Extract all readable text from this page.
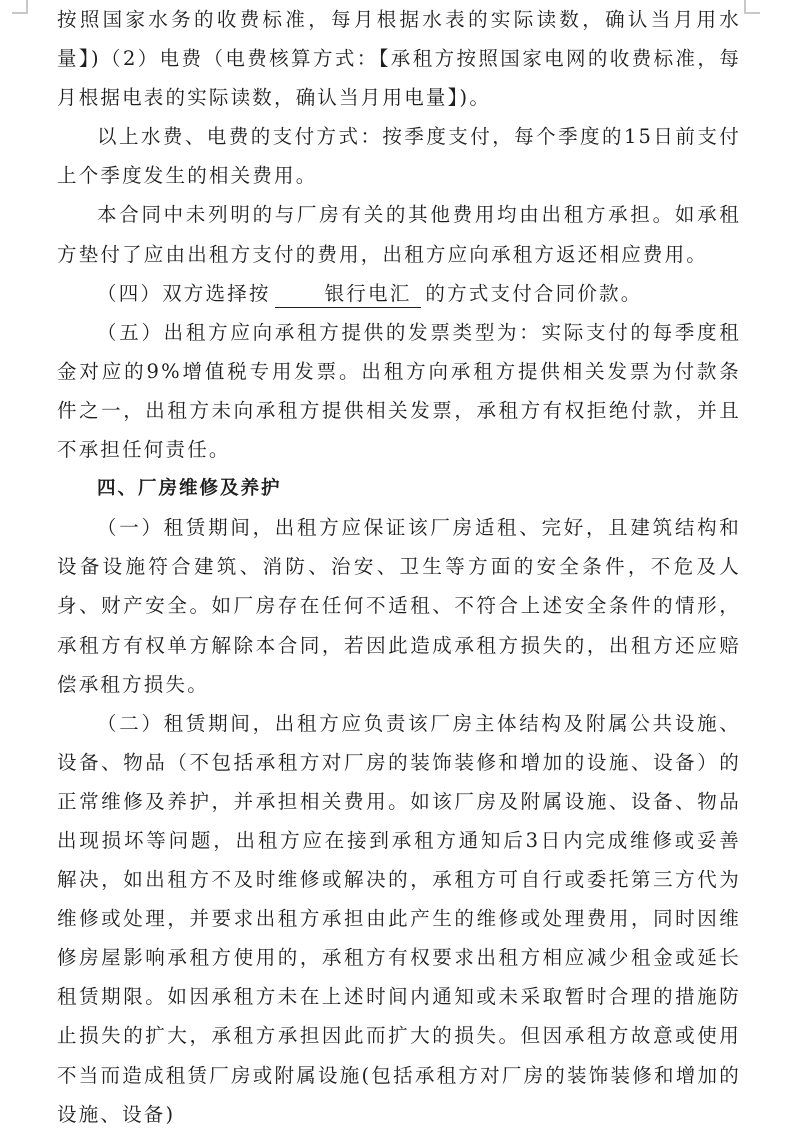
按照国家水务的收费标准，每月根据水表的实际读数，确认当月用水量】)（2）电费（电费核算方式：【承租方按照国家电网的收费标准，每月根据电表的实际读数，确认当月用电量】)。

以上水费、电费的支付方式：按季度支付，每个季度的15日前支付上个季度发生的相关费用。

本合同中未列明的与厂房有关的其他费用均由出租方承担。如承租方垫付了应由出租方支付的费用，出租方应向承租方返还相应费用。

（四）双方选择按	银行电汇 的方式支付合同价款。

（五）出租方应向承租方提供的发票类型为：实际支付的每季度租金对应的9%增值税专用发票。出租方向承租方提供相关发票为付款条件之一，出租方未向承租方提供相关发票，承租方有权拒绝付款，并且不承担任何责任。

四、厂房维修及养护

（一）租赁期间，出租方应保证该厂房适租、完好，且建筑结构和设备设施符合建筑、消防、治安、卫生等方面的安全条件，不危及人身、财产安全。如厂房存在任何不适租、不符合上述安全条件的情形，承租方有权单方解除本合同，若因此造成承租方损失的，出租方还应赔偿承租方损失。

（二）租赁期间，出租方应负责该厂房主体结构及附属公共设施、设备、物品（不包括承租方对厂房的装饰装修和增加的设施、设备）的正常维修及养护，并承担相关费用。如该厂房及附属设施、设备、物品出现损坏等问题，出租方应在接到承租方通知后3日内完成维修或妥善解决，如出租方不及时维修或解决的，承租方可自行或委托第三方代为维修或处理，并要求出租方承担由此产生的维修或处理费用，同时因维修房屋影响承租方使用的，承租方有权要求出租方相应减少租金或延长租赁期限。如因承租方未在上述时间内通知或未采取暂时合理的措施防止损失的扩大，承租方承担因此而扩大的损失。但因承租方故意或使用不当而造成租赁厂房或附属设施(包括承租方对厂房的装饰装修和增加的设施、设备)
